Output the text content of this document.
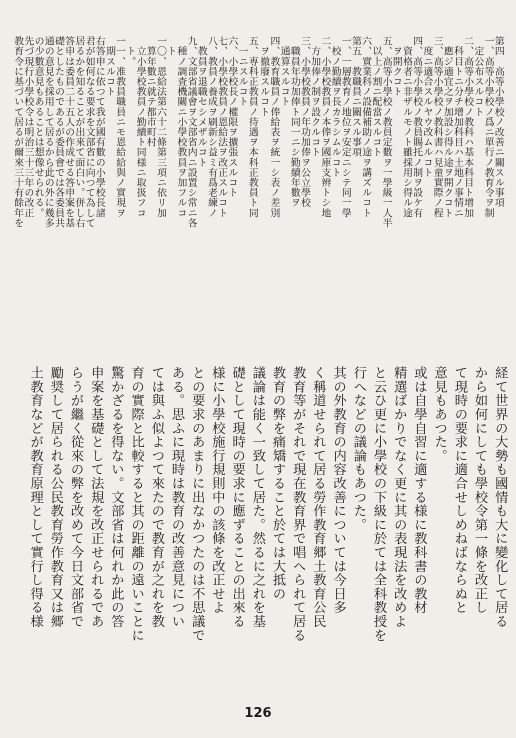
経て世界の大勢も國情も大に變化して居る
から如何にしても學校令第一條を改正し
て現時の要求に適合せしめねばならぬと
意見もあつた。
或は自學自習に適する様に教科書の教材
精選ばかりでなく更に其の表現法を改めよ
と云ひ更に小學校の下級に於ては全科教授を
行へなどの議論もあつた。
其の外教育の内容改善については今日多
く稱道せられて居る勞作教育郷土教育公民
教育等がそれで現在教育界で唱へられて居る
教育の弊を痛矯すること於ては大抵の
議論は能く一致して居た。然るに之れを基
礎として現時の要求に應ずることの出來る
様に小學校施行規則中の該條を改正せよ
との要求のあまりに出なかつたのは不思議で
ある。思ふに現時は教育の改善意見につい
ては與ふ似よつて來たので教育が之れを教
育の實際と比較すると其の距離の遠いことに
驚かざるを得ない。文部省は何れか此の答
申案を基礎として法規を改正せられるであ
らうが繼く從來の弊を改めて今日文部省で
勵奨して居られる公民教育勞作教育又は郷
土教育などが教育原理として實行し得る様
第四　高等小學校ノ改善ニ關スル事項
一、高等小學校ノ爲ニ單行ノ教育令ヲ制
　定公布スルコト
二、高等小學校ノ教科ハ基本科目ト增加
　科目トニ分チ增加科目ハ土地ノ事情ニ
　應ジ適宜之ヲ加設シ得ル途ヲ開クコト
三、高等小學校ノ教科書ハ見童實際ノ程
　度ニ適合スルヤウ改ムルコト
四、高等小學校ノ教員賜托ノ制ヲ設ケ有
　資格者ニ非ザルモノト雖採用シ得ル途
　ヲ開クコト
五、高等小學校ノ教員定數ヲ一學級一人半
　以上ノ割ニ配當スルコト
六、實業科ノ設備補助ノ途ヲ講ズルコト
第五　教職員ニ關スル事項
一、一層教育ノ地位ヲ安定ニシテ同一學
　校ノ勤續ヲ長カラシムルコト
二、小學校教員ノ本俸ヲ國庫支辨トシ地
　方加俸ノ制ヲ設クルコト
三、小學校教員ノ年功加俸ヲ公立學校
　職員年功加俸ト同一ニシ勤續年數ヲ
　通算スルコト
四、教育職員ノ俸給表ヲ統一シ表ノ差別
　ヲ撤廢スルコト
五、専科正教員ノ待遇ヲ本科正教員ト同
　一ニスルコト
六、小學校長ノ權限ヲ擴張スルコト
七、小學校教員ノ恩給法ヲ改正スルコト
八、教員ノ養成ヲ刷新シ益ミ有爲老練ノ
　教員ヲ退職セシメザルコト
九、文部省議會ヲ文部省内ニ設置シ常ニ各
　種ノ調査機關ニ小學校教員ヲ加フルコ
　ト
一〇、恩給法第六十二條第三項ニ依リ加
　算年數ニ就テ都市町村
　立小學校教員ノ勤續ト同様ニ取扱フコ
　ト。
一一、准教員職員ニモ恩給給與ノ實現ヲ
　期スルコト
右答申に依つて我が國有數の小學校長諸
君が如何なる要求を文部省に向つて為して
居るかを知ることが出來て面白い。併し右
答申は委員二十五人の作成せる答申案を基
礎としたものであるが委員會では各委員共
通の意見を採用して居るから此の外に幾多
の少數意見もあることは想像せられる。
先づ現行小學校令は明治三十三年の改正
教育令に基づいて居るが爾來三十有餘年を
126
